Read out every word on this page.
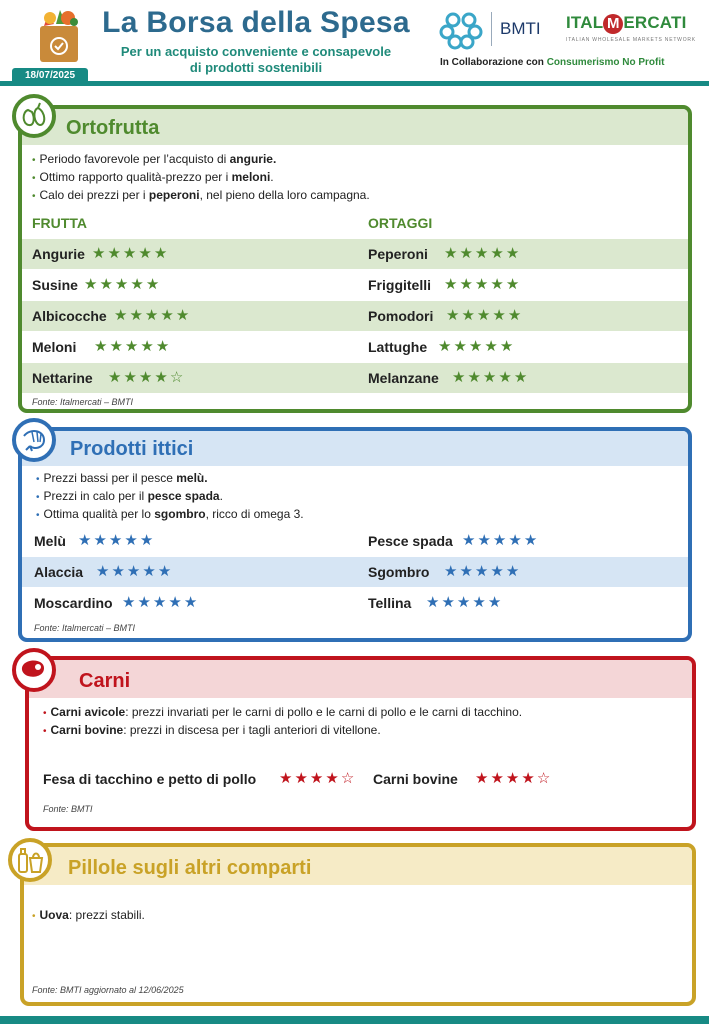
La Borsa della Spesa
Per un acquisto conveniente e consapevole
di prodotti sostenibili
BMTI ITAL M ERCATI
ITALIAN WHOLESALE MARKETS NETWORK
In Collaborazione con Consumerismo No Profit
18/07/2025
Ortofrutta
• Periodo favorevole per l’acquisto di angurie.
• Ottimo rapporto qualità-prezzo per i meloni.
• Calo dei prezzi per i peperoni, nel pieno della loro campagna.
FRUTTA	ORTAGGI
Angurie ★★★★★	Peperoni ★★★★★
Susine ★★★★★	Friggitelli ★★★★★
Albicocche ★★★★★	Pomodori ★★★★★
Meloni ★★★★★	Lattughe ★★★★★
Nettarine ★★★★☆	Melanzane ★★★★★
Fonte: Italmercati – BMTI
Prodotti ittici
• Prezzi bassi per il pesce melù.
• Prezzi in calo per il pesce spada.
• Ottima qualità per lo sgombro, ricco di omega 3.
Melù ★★★★★	Pesce spada ★★★★★
Alaccia ★★★★★	Sgombro ★★★★★
Moscardino ★★★★★	Tellina ★★★★★
Fonte: Italmercati – BMTI
Carni
• Carni avicole: prezzi invariati per le carni di pollo e le carni di pollo e le carni di tacchino.
• Carni bovine: prezzi in discesa per i tagli anteriori di vitellone.
Fesa di tacchino e petto di pollo ★★★★☆ Carni bovine ★★★★☆
Fonte: BMTI
Pillole sugli altri comparti
• Uova: prezzi stabili.
Fonte: BMTI aggiornato al 12/06/2025
